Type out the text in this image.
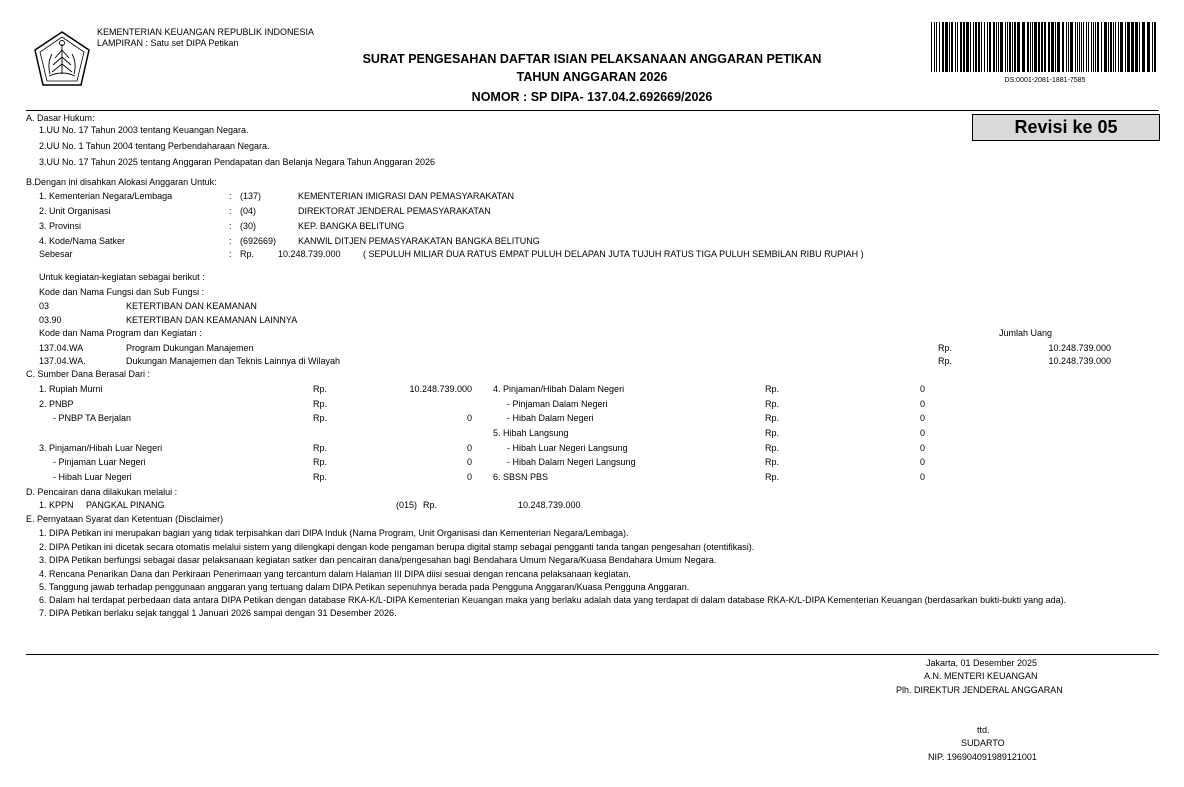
KEMENTERIAN KEUANGAN REPUBLIK INDONESIA
LAMPIRAN : Satu set DIPA Petikan
SURAT PENGESAHAN DAFTAR ISIAN PELAKSANAAN ANGGARAN PETIKAN
TAHUN ANGGARAN 2026
NOMOR : SP DIPA- 137.04.2.692669/2026
DS:0001-2081-1881-7585
Revisi ke 05
A. Dasar Hukum:
1.UU No. 17 Tahun 2003 tentang Keuangan Negara.
2.UU No. 1 Tahun 2004 tentang Perbendaharaan Negara.
3.UU No. 17 Tahun 2025 tentang Anggaran Pendapatan dan Belanja Negara Tahun Anggaran 2026
B.Dengan ini disahkan Alokasi Anggaran Untuk:
1. Kementerian Negara/Lembaga	: (137)	KEMENTERIAN IMIGRASI DAN PEMASYARAKATAN
2. Unit Organisasi	: (04)	DIREKTORAT JENDERAL PEMASYARAKATAN
3. Provinsi	: (30)	KEP. BANGKA BELITUNG
4. Kode/Nama Satker	: (692669) KANWIL DITJEN PEMASYARAKATAN BANGKA BELITUNG
Sebesar	: Rp.	10.248.739.000 ( SEPULUH MILIAR DUA RATUS EMPAT PULUH DELAPAN JUTA TUJUH RATUS TIGA PULUH SEMBILAN RIBU RUPIAH )
Untuk kegiatan-kegiatan sebagai berikut :
Kode dan Nama Fungsi dan Sub Fungsi :
03	KETERTIBAN DAN KEAMANAN
03.90	KETERTIBAN DAN KEAMANAN LAINNYA
Kode dan Nama Program dan Kegiatan :	Jumlah Uang
137.04.WA	Program Dukungan Manajemen	Rp.	10.248.739.000
137.04.WA.	Dukungan Manajemen dan Teknis Lainnya di Wilayah	Rp.	10.248.739.000
C. Sumber Dana Berasal Dari :
1. Rupiah Murni	Rp.	10.248.739.000
2. PNBP	Rp.
- PNBP TA Berjalan	Rp.	0
3. Pinjaman/Hibah Luar Negeri	Rp.	0
- Pinjaman Luar Negeri	Rp.	0
- Hibah Luar Negeri	Rp.	0
4. Pinjaman/Hibah Dalam Negeri	Rp.	0
- Pinjaman Dalam Negeri	Rp.	0
- Hibah Dalam Negeri	Rp.	0
5. Hibah Langsung	Rp.	0
- Hibah Luar Negeri Langsung	Rp.	0
- Hibah Dalam Negeri Langsung	Rp.	0
6. SBSN PBS	Rp.	0
D. Pencairan dana dilakukan melalui :
1. KPPN PANGKAL PINANG	(015) Rp.	10.248.739.000
E. Pernyataan Syarat dan Ketentuan (Disclaimer)
1. DIPA Petikan ini merupakan bagian yang tidak terpisahkan dari DIPA Induk (Nama Program, Unit Organisasi dan Kementerian Negara/Lembaga).
2. DIPA Petikan ini dicetak secara otomatis melalui sistem yang dilengkapi dengan kode pengaman berupa digital stamp sebagai pengganti tanda tangan pengesahan (otentifikasi).
3. DIPA Petikan berfungsi sebagai dasar pelaksanaan kegiatan satker dan pencairan dana/pengesahan bagi Bendahara Umum Negara/Kuasa Bendahara Umum Negara.
4. Rencana Penarikan Dana dan Perkiraan Penerimaan yang tercantum dalam Halaman III DIPA diisi sesuai dengan rencana pelaksanaan kegiatan.
5. Tanggung jawab terhadap penggunaan anggaran yang tertuang dalam DIPA Petikan sepenuhnya berada pada Pengguna Anggaran/Kuasa Pengguna Anggaran.
6. Dalam hal terdapat perbedaan data antara DIPA Petikan dengan database RKA-K/L-DIPA Kementerian Keuangan maka yang berlaku adalah data yang terdapat di dalam database RKA-K/L-DIPA Kementerian Keuangan (berdasarkan bukti-bukti yang ada).
7. DIPA Petikan berlaku sejak tanggal 1 Januari 2026 sampai dengan 31 Desember 2026.
Jakarta, 01 Desember 2025
A.N. MENTERI KEUANGAN
Plh. DIREKTUR JENDERAL ANGGARAN
ttd.
SUDARTO
NIP. 196904091989121001
